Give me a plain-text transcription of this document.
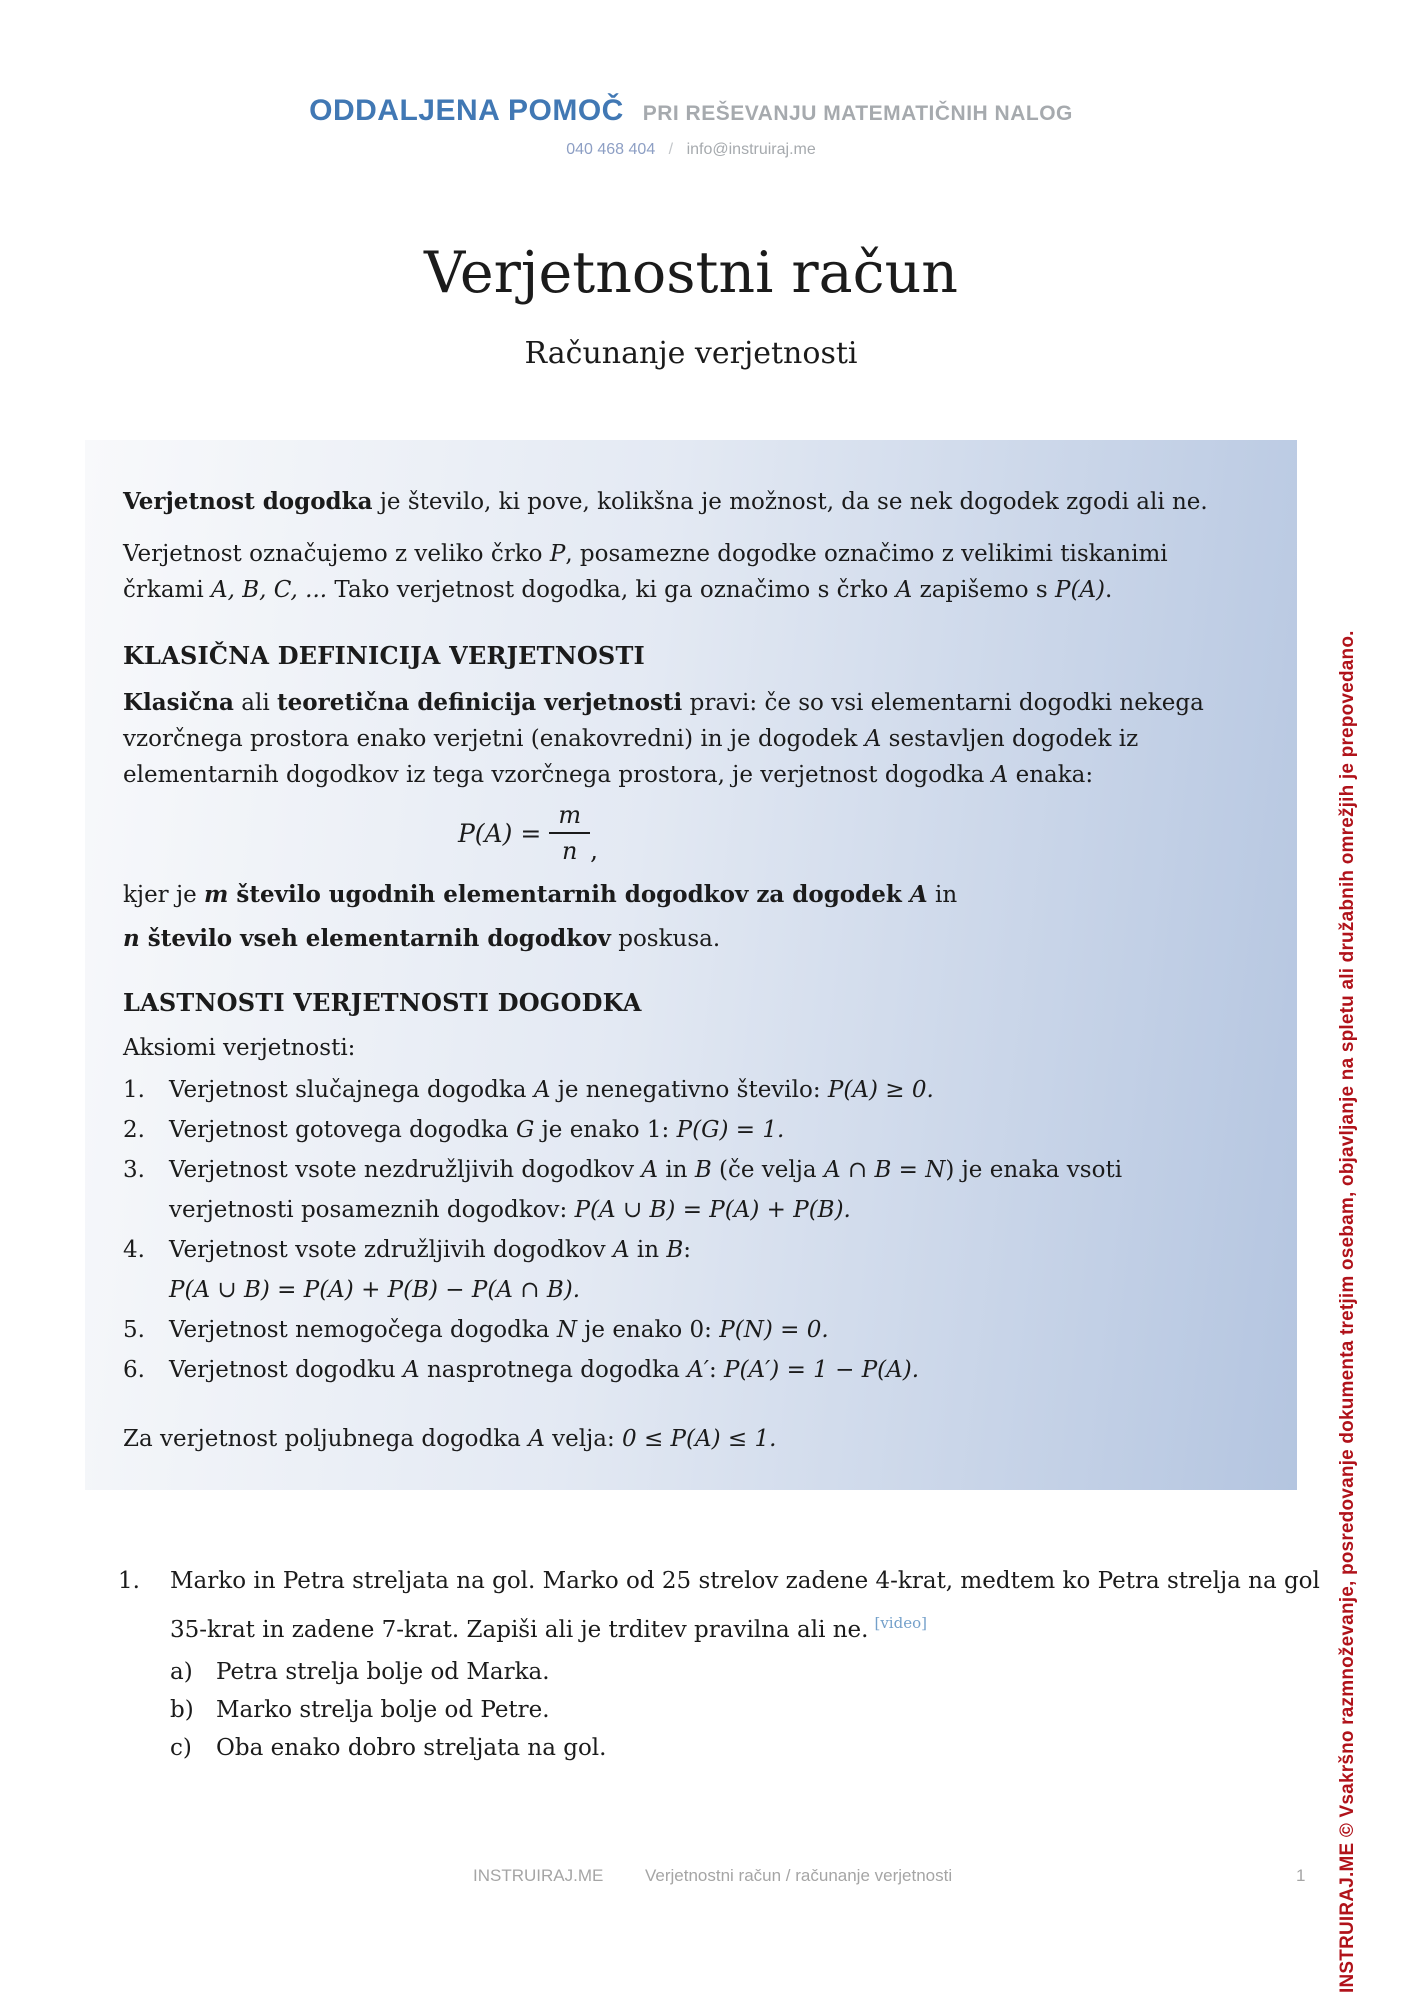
ODDALJENA POMOČ PRI REŠEVANJU MATEMATIČNIH NALOG
040 468 404 / info@instruiraj.me
Verjetnostni račun
Računanje verjetnosti
Verjetnost dogodka je število, ki pove, kolikšna je možnost, da se nek dogodek zgodi ali ne.
Verjetnost označujemo z veliko črko P, posamezne dogodke označimo z velikimi tiskanimi
črkami A, B, C, ... Tako verjetnost dogodka, ki ga označimo s črko A zapišemo s P(A).
KLASIČNA DEFINICIJA VERJETNOSTI
Klasična ali teoretična definicija verjetnosti pravi: če so vsi elementarni dogodki nekega
vzorčnega prostora enako verjetni (enakovredni) in je dogodek A sestavljen dogodek iz
elementarnih dogodkov iz tega vzorčnega prostora, je verjetnost dogodka A enaka:
$P(A) = \frac{m}{n}$ ,
kjer je m število ugodnih elementarnih dogodkov za dogodek A in
n število vseh elementarnih dogodkov poskusa.
LASTNOSTI VERJETNOSTI DOGODKA
Aksiomi verjetnosti:
1.	Verjetnost slučajnega dogodka A je nenegativno število: P(A) ≥ 0.
2.	Verjetnost gotovega dogodka G je enako 1: P(G) = 1.
3.	Verjetnost vsote nezdružljivih dogodkov A in B (če velja A ∩ B = N) je enaka vsoti
verjetnosti posameznih dogodkov: P(A ∪ B) = P(A) + P(B).
4.	Verjetnost vsote združljivih dogodkov A in B:
P(A ∪ B) = P(A) + P(B) − P(A ∩ B).
5.	Verjetnost nemogočega dogodka N je enako 0: P(N) = 0.
6.	Verjetnost dogodku A nasprotnega dogodka A′: P(A′) = 1 − P(A).
Za verjetnost poljubnega dogodka A velja: 0 ≤ P(A) ≤ 1.
1.	Marko in Petra streljata na gol. Marko od 25 strelov zadene 4-krat, medtem ko Petra strelja na gol
35-krat in zadene 7-krat. Zapiši ali je trditev pravilna ali ne. [video]
a)	Petra strelja bolje od Marka.
b) Marko strelja bolje od Petre.
c)	Oba enako dobro streljata na gol.	INSTRUIRAJ.ME © Vsakršno razmnoževanje, posredovanje dokumenta tretjim osebam, objavljanje na spletu ali družabnih omrežjih je prepovedano.
INSTRUIRAJ.ME Verjetnostni račun / računanje verjetnosti	1
